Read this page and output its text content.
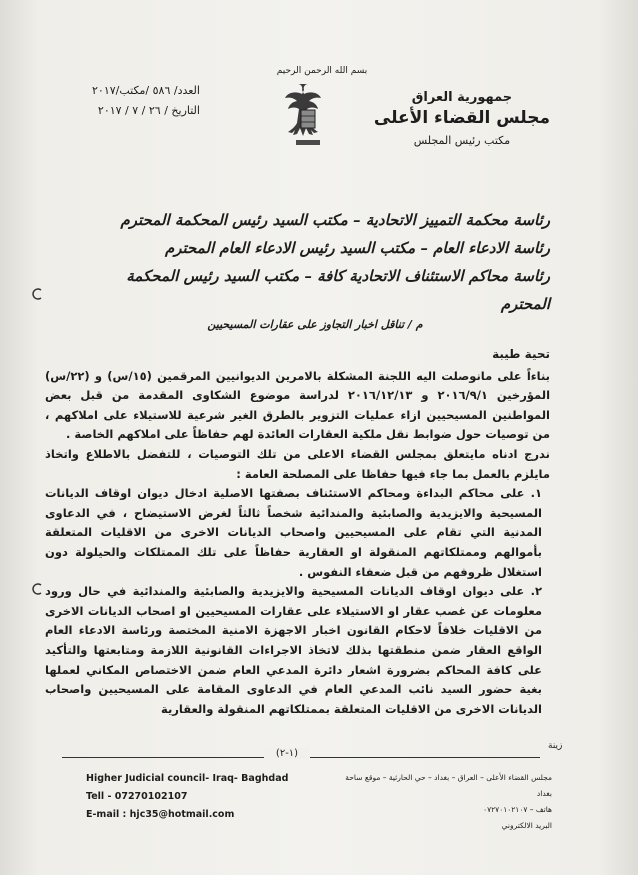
بسم الله الرحمن الرحيم
جمهورية العراق
مجلس القضاء الأعلى
مكتب رئيس المجلس
العدد/ ٥٨٦ /مكتب/٢٠١٧
التاريخ / ٢٦ / ٧ / ٢٠١٧
رئاسة محكمة التمييز الاتحادية – مكتب السيد رئيس المحكمة المحترم
رئاسة الادعاء العام – مكتب السيد رئيس الادعاء العام المحترم
رئاسة محاكم الاستئناف الاتحادية كافة – مكتب السيد رئيس المحكمة المحترم
م / تناقل اخبار التجاوز على عقارات المسيحيين

تحية طيبة

بناءاً على مانوصلت اليه اللجنة المشكلة بالامرين الديوانيين المرقمين (١٥/س) و (٢٢/س) المؤرخين ٢٠١٦/٩/١ و ٢٠١٦/١٢/١٣ لدراسة موضوع الشكاوى المقدمة من قبل بعض المواطنين المسيحيين ازاء عمليات التزوير بالطرق الغير شرعية للاستيلاء على املاكهم ، من توصيات حول ضوابط نقل ملكية العقارات العائدة لهم حفاظاً على املاكهم الخاصة .

ندرج ادناه مايتعلق بمجلس القضاء الاعلى من تلك التوصيات ، للتفضل بالاطلاع واتخاذ مايلزم بالعمل بما جاء فيها حفاظا على المصلحة العامة :

١. على محاكم البداءة ومحاكم الاستئناف بصفتها الاصلية ادخال ديوان اوقاف الديانات المسيحية والايزيدية والصابئية والمندائية شخصاً ثالثاً لغرض الاستيضاح ، في الدعاوى المدنية التي تقام على المسيحيين واصحاب الديانات الاخرى من الاقليات المتعلقة بأموالهم وممتلكاتهم المنقولة او العقارية حفاظاً على تلك الممتلكات والحيلولة دون استغلال ظروفهم من قبل ضعفاء النفوس .

٢. على ديوان اوقاف الديانات المسيحية والايزيدية والصابئية والمندائية في حال ورود معلومات عن غصب عقار او الاستيلاء على عقارات المسيحيين او اصحاب الديانات الاخرى من الاقليات خلافاً لاحكام القانون اخبار الاجهزة الامنية المختصة ورئاسة الادعاء العام الواقع العقار ضمن منطقتها بذلك لاتخاذ الاجراءات القانونية اللازمة ومتابعتها والتأكيد على كافة المحاكم بضرورة اشعار دائرة المدعي العام ضمن الاختصاص المكاني لعملها بغية حضور السيد نائب المدعي العام في الدعاوى المقامة على المسيحيين واصحاب الديانات الاخرى من الاقليات المتعلقة بممتلكاتهم المنقولة والعقارية

زينة
(١-٢)
Higher Judicial council- Iraq- Baghdad
Tell - 07270102107
E-mail : hjc35@hotmail.com
مجلس القضاء الأعلى – العراق – بغداد – حي الحارثية – موقع ساحة بغداد
هاتف – ٠٧٢٧٠١٠٢١٠٧
البريد الالكتروني
